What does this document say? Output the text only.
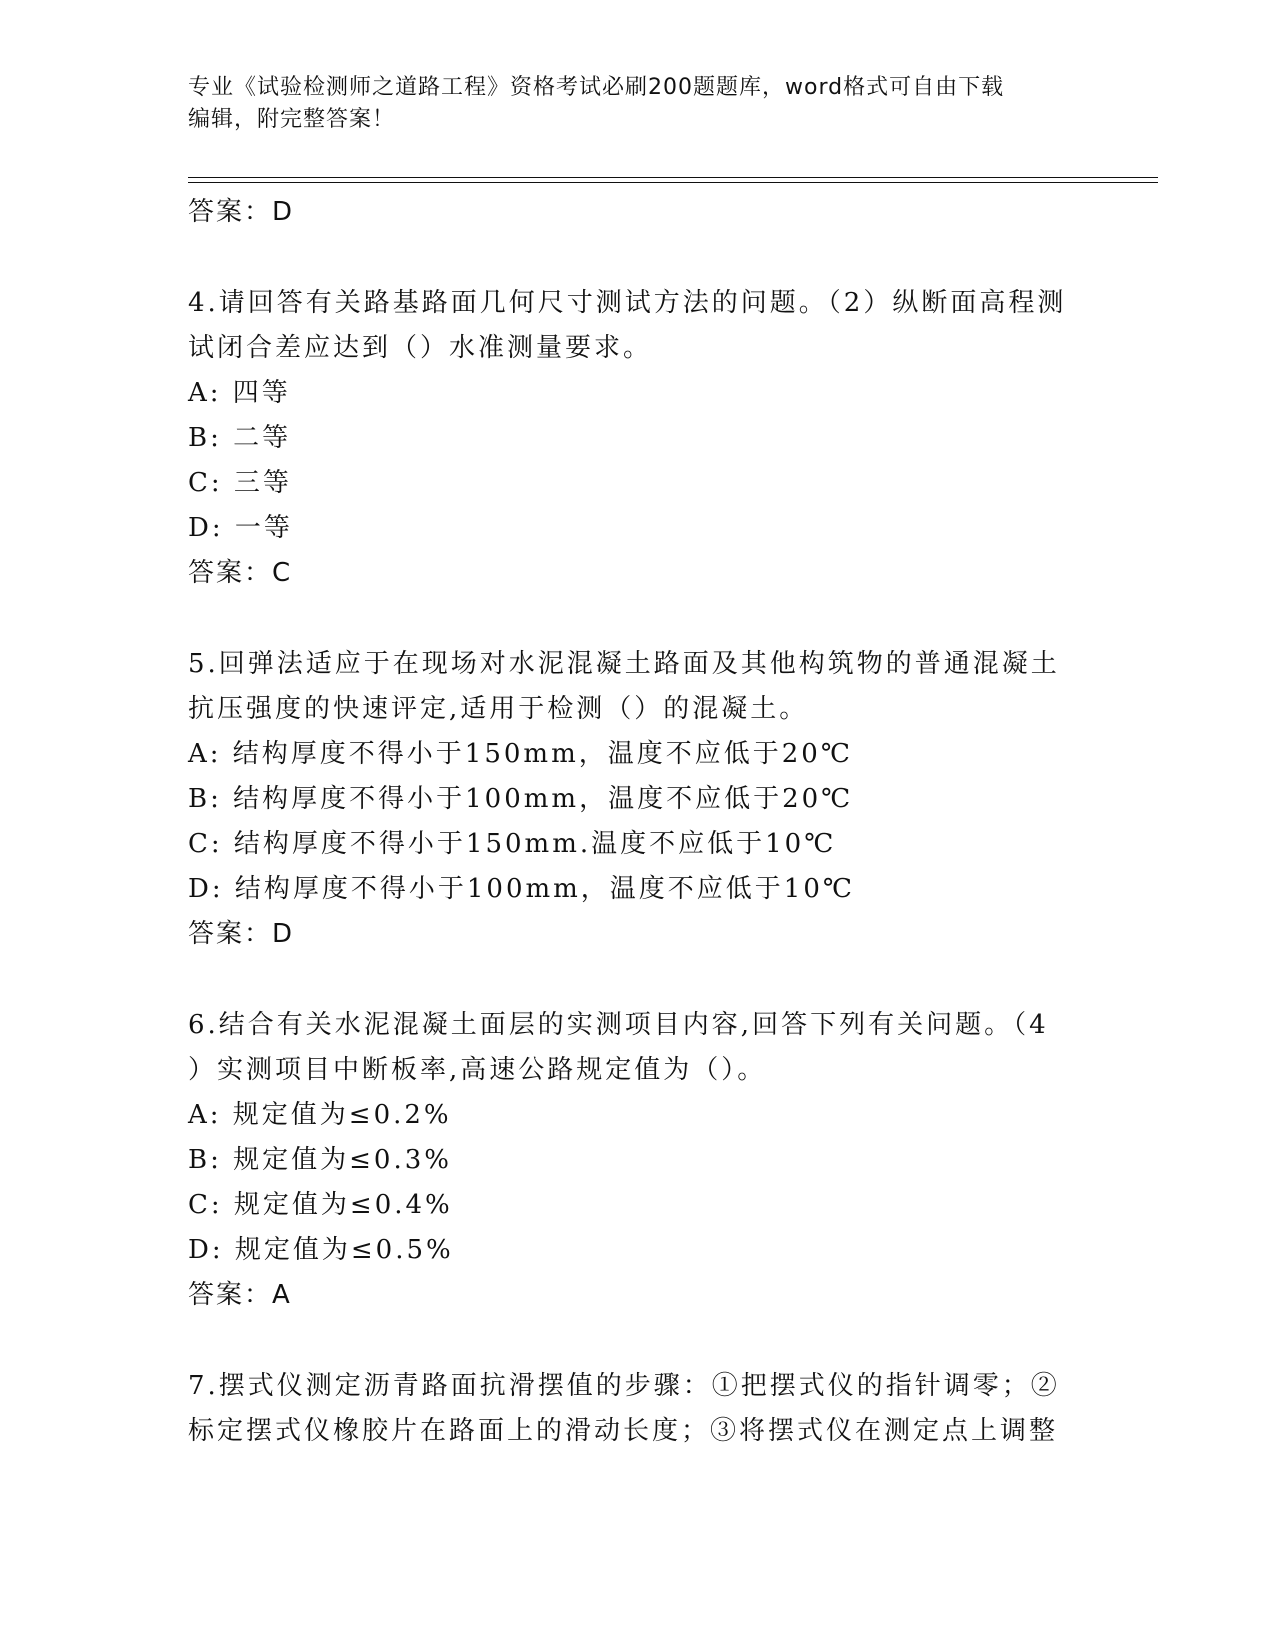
专业《试验检测师之道路工程》资格考试必刷200题题库，word格式可自由下载
编辑，附完整答案！
答案：D
4.请回答有关路基路面几何尺寸测试方法的问题。（2）纵断面高程测
试闭合差应达到（）水准测量要求。
A: 四等
B: 二等
C: 三等
D: 一等
答案：C
5.回弹法适应于在现场对水泥混凝土路面及其他构筑物的普通混凝土
抗压强度的快速评定,适用于检测（）的混凝土。
A: 结构厚度不得小于150mm，温度不应低于20℃
B: 结构厚度不得小于100mm，温度不应低于20℃
C: 结构厚度不得小于150mm.温度不应低于10℃
D: 结构厚度不得小于100mm，温度不应低于10℃
答案：D
6.结合有关水泥混凝土面层的实测项目内容,回答下列有关问题。（4
）实测项目中断板率,高速公路规定值为（）。
A: 规定值为≤0.2%
B: 规定值为≤0.3%
C: 规定值为≤0.4%
D: 规定值为≤0.5%
答案：A
7.摆式仪测定沥青路面抗滑摆值的步骤：①把摆式仪的指针调零；②
标定摆式仪橡胶片在路面上的滑动长度；③将摆式仪在测定点上调整
